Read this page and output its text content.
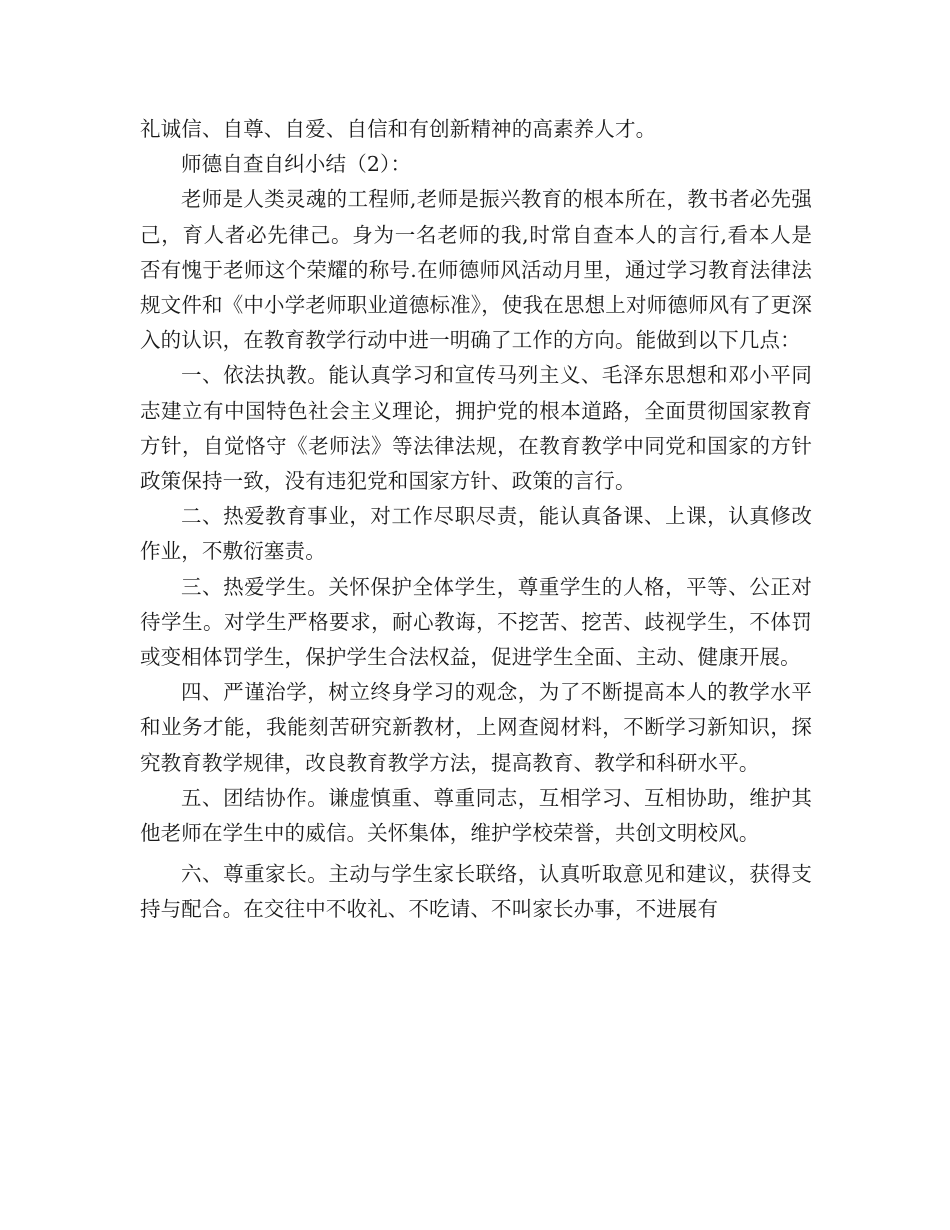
礼诚信、自尊、自爱、自信和有创新精神的高素养人才。

师德自查自纠小结（2）：

老师是人类灵魂的工程师,老师是振兴教育的根本所在，教书者必先强己，育人者必先律己。身为一名老师的我,时常自查本人的言行,看本人是否有愧于老师这个荣耀的称号.在师德师风活动月里，通过学习教育法律法规文件和《中小学老师职业道德标准》，使我在思想上对师德师风有了更深入的认识，在教育教学行动中进一明确了工作的方向。能做到以下几点：

一、依法执教。能认真学习和宣传马列主义、毛泽东思想和邓小平同志建立有中国特色社会主义理论，拥护党的根本道路，全面贯彻国家教育方针，自觉恪守《老师法》等法律法规，在教育教学中同党和国家的方针政策保持一致，没有违犯党和国家方针、政策的言行。

二、热爱教育事业，对工作尽职尽责，能认真备课、上课，认真修改作业，不敷衍塞责。

三、热爱学生。关怀保护全体学生，尊重学生的人格，平等、公正对待学生。对学生严格要求，耐心教诲，不挖苦、挖苦、歧视学生，不体罚或变相体罚学生，保护学生合法权益，促进学生全面、主动、健康开展。

四、严谨治学，树立终身学习的观念，为了不断提高本人的教学水平和业务才能，我能刻苦研究新教材，上网查阅材料，不断学习新知识，探究教育教学规律，改良教育教学方法，提高教育、教学和科研水平。

五、团结协作。谦虚慎重、尊重同志，互相学习、互相协助，维护其他老师在学生中的威信。关怀集体，维护学校荣誉，共创文明校风。

六、尊重家长。主动与学生家长联络，认真听取意见和建议，获得支持与配合。在交往中不收礼、不吃请、不叫家长办事，不进展有
